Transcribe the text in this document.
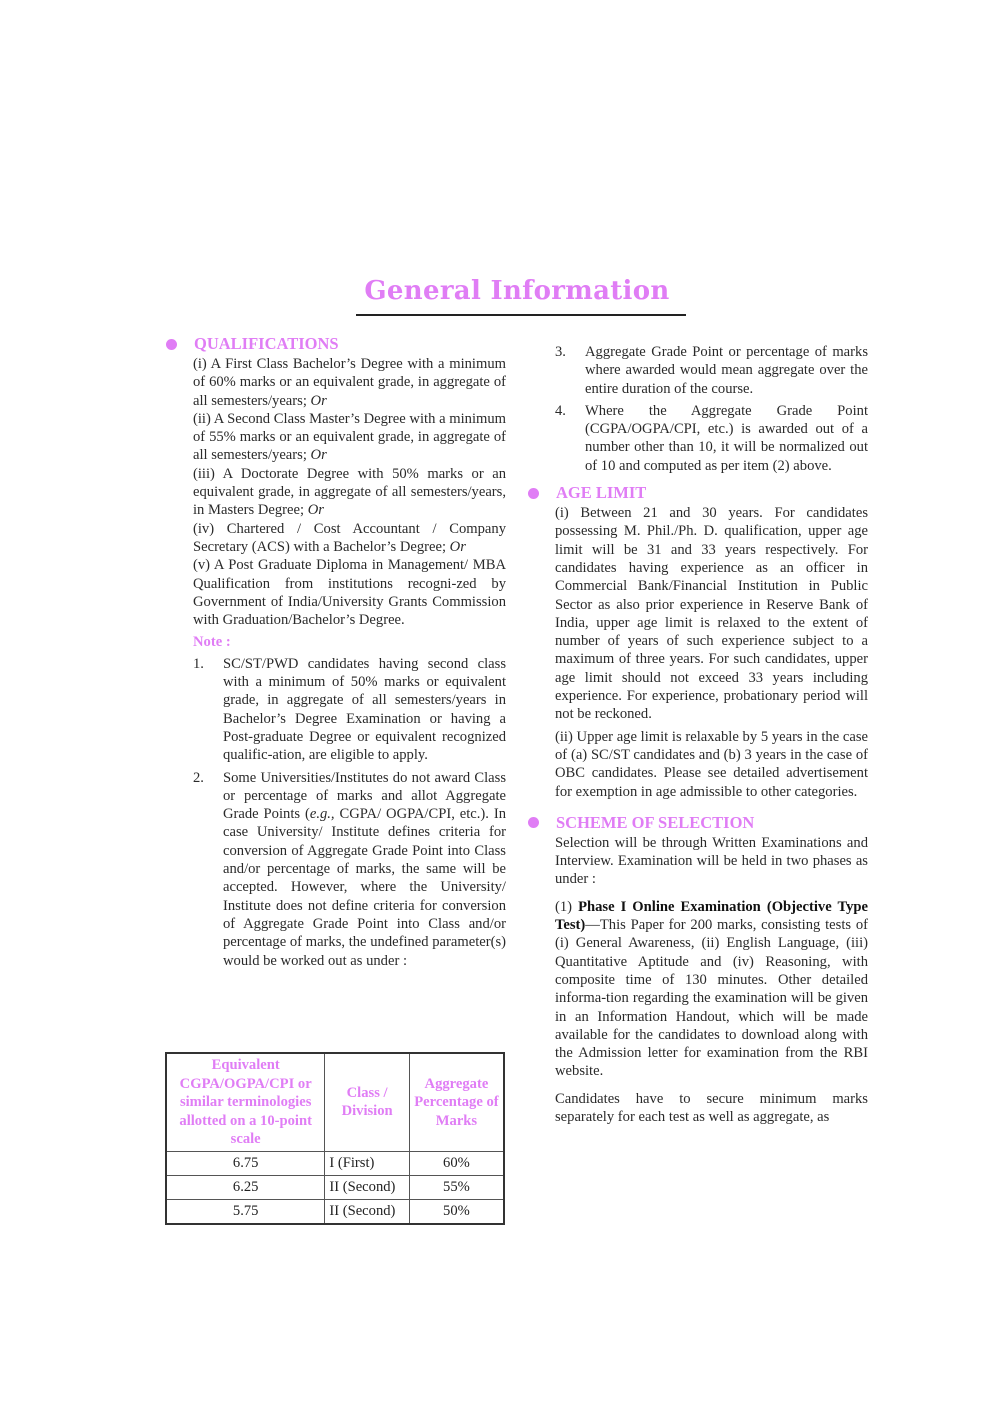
General Information
QUALIFICATIONS

(i) A First Class Bachelor’s Degree with a minimum of 60% marks or an equivalent grade, in aggregate of all semesters/years; Or

(ii) A Second Class Master’s Degree with a minimum of 55% marks or an equivalent grade, in aggregate of all semesters/years; Or

(iii) A Doctorate Degree with 50% marks or an equivalent grade, in aggregate of all semesters/years, in Masters Degree; Or

(iv) Chartered / Cost Accountant / Company Secretary (ACS) with a Bachelor’s Degree; Or

(v) A Post Graduate Diploma in Management/ MBA Qualification from institutions recogni-zed by Government of India/University Grants Commission with Graduation/Bachelor’s Degree.

Note :
1.	SC/ST/PWD candidates having second class with a minimum of 50% marks or equivalent grade, in aggregate of all semesters/years in Bachelor’s Degree Examination or having a Post-graduate Degree or equivalent recognized qualific-ation, are eligible to apply.
2.	Some Universities/Institutes do not award Class or percentage of marks and allot Aggregate Grade Points (e.g., CGPA/ OGPA/CPI, etc.). In case University/ Institute defines criteria for conversion of Aggregate Grade Point into Class and/or percentage of marks, the same will be accepted. However, where the University/ Institute does not define criteria for conversion of Aggregate Grade Point into Class and/or percentage of marks, the undefined parameter(s) would be worked out as under :
Equivalent CGPA/OGPA/CPI or similar terminologies allotted on a 10-point scale	Class / Division	Aggregate Percentage of Marks
6.75	I (First)	60%
6.25	II (Second)	55%
5.75	II (Second)	50%
3.	Aggregate Grade Point or percentage of marks where awarded would mean aggregate over the entire duration of the course.
4.	Where the Aggregate Grade Point (CGPA/OGPA/CPI, etc.) is awarded out of a number other than 10, it will be normalized out of 10 and computed as per item (2) above.
AGE LIMIT

(i) Between 21 and 30 years. For candidates possessing M. Phil./Ph. D. qualification, upper age limit will be 31 and 33 years respectively. For candidates having experience as an officer in Commercial Bank/Financial Institution in Public Sector as also prior experience in Reserve Bank of India, upper age limit is relaxed to the extent of number of years of such experience subject to a maximum of three years. For such candidates, upper age limit should not exceed 33 years including experience. For experience, probationary period will not be reckoned.

(ii) Upper age limit is relaxable by 5 years in the case of (a) SC/ST candidates and (b) 3 years in the case of OBC candidates. Please see detailed advertisement for exemption in age admissible to other categories.

SCHEME OF SELECTION

Selection will be through Written Examinations and Interview. Examination will be held in two phases as under :

(1) Phase I Online Examination (Objective Type Test)—This Paper for 200 marks, consisting tests of (i) General Awareness, (ii) English Language, (iii) Quantitative Aptitude and (iv) Reasoning, with composite time of 130 minutes. Other detailed informa-tion regarding the examination will be given in an Information Handout, which will be made available for the candidates to download along with the Admission letter for examination from the RBI website.

Candidates have to secure minimum marks separately for each test as well as aggregate, as
